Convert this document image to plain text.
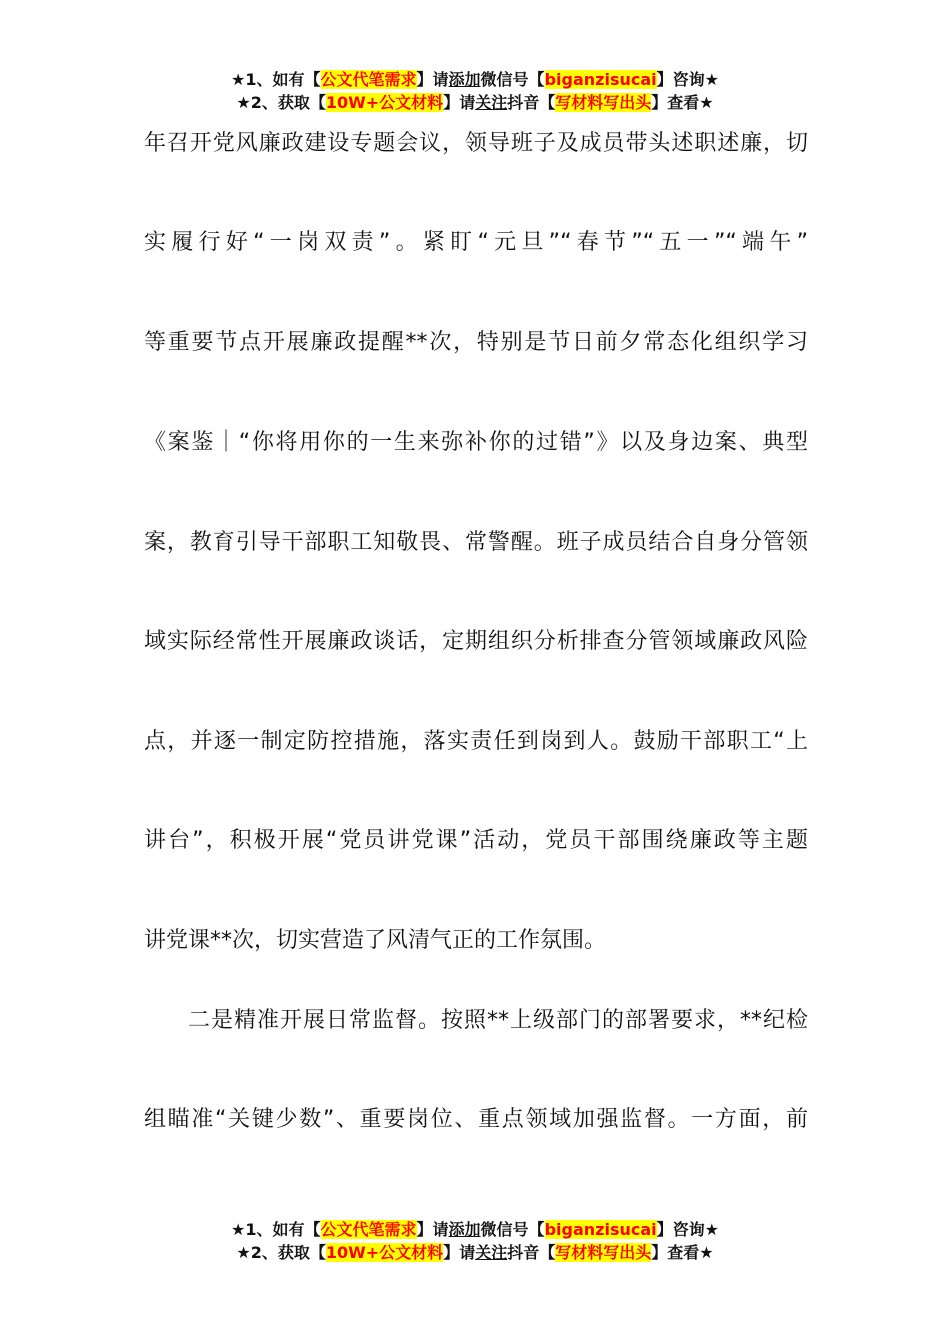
★1、如有【公文代笔需求】请添加微信号【biganzisucai】咨询★
★2、获取【10W+公文材料】请关注抖音【写材料写出头】查看★
年召开党风廉政建设专题会议，领导班子及成员带头述职述廉，切
实履行好“一岗双责”。紧盯“元旦”“春节”“五一”“端午”
等重要节点开展廉政提醒**次，特别是节日前夕常态化组织学习
《案鉴｜“你将用你的一生来弥补你的过错”》以及身边案、典型
案，教育引导干部职工知敬畏、常警醒。班子成员结合自身分管领
域实际经常性开展廉政谈话，定期组织分析排查分管领域廉政风险
点，并逐一制定防控措施，落实责任到岗到人。鼓励干部职工“上
讲台”，积极开展“党员讲党课”活动，党员干部围绕廉政等主题
讲党课**次，切实营造了风清气正的工作氛围。
二是精准开展日常监督。按照**上级部门的部署要求，**纪检
组瞄准“关键少数”、重要岗位、重点领域加强监督。一方面，前
★1、如有【公文代笔需求】请添加微信号【biganzisucai】咨询★
★2、获取【10W+公文材料】请关注抖音【写材料写出头】查看★
